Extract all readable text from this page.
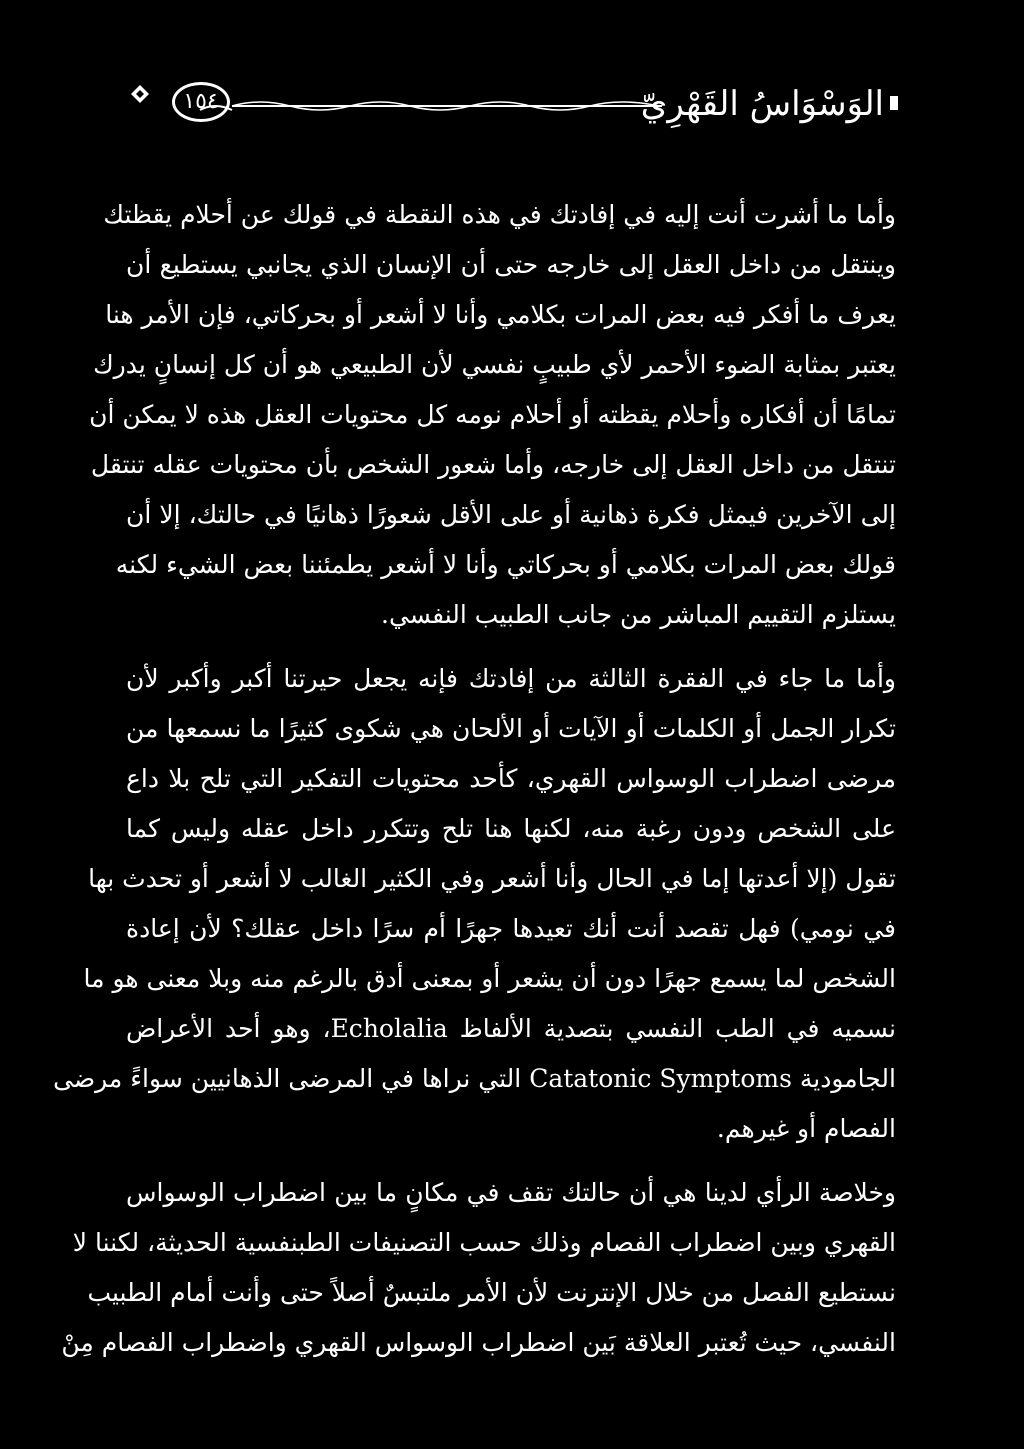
١٥٤	الوَسْوَاسُ القَهْرِيّ
وأما ما أشرت أنت إليه في إفادتك في هذه النقطة في قولك عن أحلام يقظتك
وينتقل من داخل العقل إلى خارجه حتى أن الإنسان الذي يجانبي يستطيع أن
يعرف ما أفكر فيه بعض المرات بكلامي وأنا لا أشعر أو بحركاتي، فإن الأمر هنا
يعتبر بمثابة الضوء الأحمر لأي طبيبٍ نفسي لأن الطبيعي هو أن كل إنسانٍ يدرك
تمامًا أن أفكاره وأحلام يقظته أو أحلام نومه كل محتويات العقل هذه لا يمكن أن
تنتقل من داخل العقل إلى خارجه، وأما شعور الشخص بأن محتويات عقله تنتقل
إلى الآخرين فيمثل فكرة ذهانية أو على الأقل شعورًا ذهانيًا في حالتك، إلا أن
قولك بعض المرات بكلامي أو بحركاتي وأنا لا أشعر يطمئننا بعض الشيء لكنه
يستلزم التقييم المباشر من جانب الطبيب النفسي.
وأما ما جاء في الفقرة الثالثة من إفادتك فإنه يجعل حيرتنا أكبر وأكبر لأن
تكرار الجمل أو الكلمات أو الآيات أو الألحان هي شكوى كثيرًا ما نسمعها من
مرضى اضطراب الوسواس القهري، كأحد محتويات التفكير التي تلح بلا داع
على الشخص ودون رغبة منه، لكنها هنا تلح وتتكرر داخل عقله وليس كما
تقول (إلا أعدتها إما في الحال وأنا أشعر وفي الكثير الغالب لا أشعر أو تحدث بها
في نومي) فهل تقصد أنت أنك تعيدها جهرًا أم سرًا داخل عقلك؟ لأن إعادة
الشخص لما يسمع جهرًا دون أن يشعر أو بمعنى أدق بالرغم منه وبلا معنى هو ما
نسميه في الطب النفسي بتصدية الألفاظ Echolalia، وهو أحد الأعراض
الجامودية Catatonic Symptoms التي نراها في المرضى الذهانيين سواءً مرضى
الفصام أو غيرهم.
وخلاصة الرأي لدينا هي أن حالتك تقف في مكانٍ ما بين اضطراب الوسواس
القهري وبين اضطراب الفصام وذلك حسب التصنيفات الطبنفسية الحديثة، لكننا لا
نستطيع الفصل من خلال الإنترنت لأن الأمر ملتبسٌ أصلاً حتى وأنت أمام الطبيب
النفسي، حيث تُعتبر العلاقة بَين اضطراب الوسواس القهري واضطراب الفصام مِنْ
